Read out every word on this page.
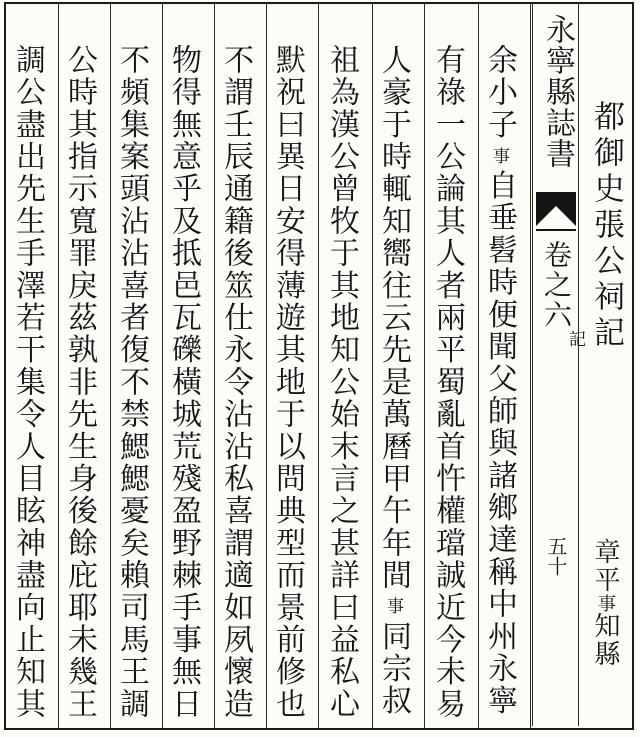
余小子事自垂髫時便聞父師與諸鄉達稱中州永寧
有祿一公論其人者兩平蜀亂首忤權璫誠近今未易
人豪于時輒知嚮往云先是萬曆甲午年間事同宗叔
祖為漢公曾牧于其地知公始末言之甚詳曰益私心
默祝曰異日安得薄遊其地于以問典型而景前修也
不謂壬辰通籍後筮仕永令沾沾私喜謂適如夙懷造
物得無意乎及抵邑瓦礫橫城荒殘盈野棘手事無日
不頻集案頭沾沾喜者復不禁鰓鰓憂矣賴司馬王調
公時其指示寬罪戾茲孰非先生身後餘庇耶未幾王
調公盡出先生手澤若干集令人目眩神盡向止知其	永寧縣誌書
卷之六
五十
記 都御史張公祠記
章平事知縣
